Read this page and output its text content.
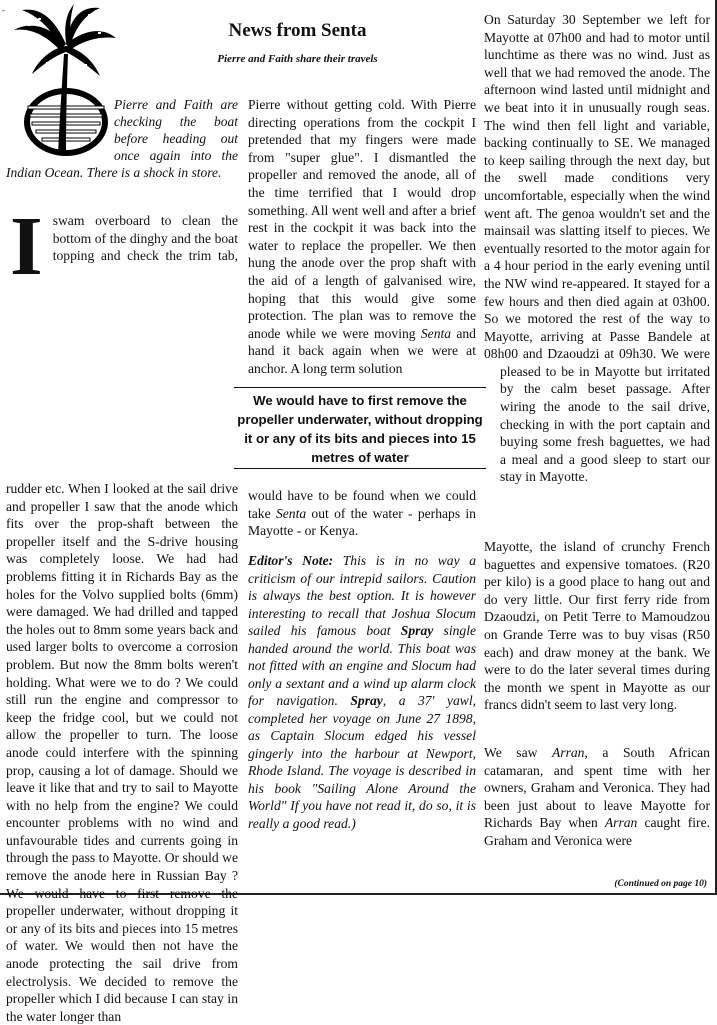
-
News from Senta
Pierre and Faith share their travels
Pierre and Faith are checking the boat before heading out once again into the Indian Ocean. There is a shock in store.
I swam overboard to clean the bottom of the dinghy and the boat topping and check the trim tab, rudder etc. When I looked at the sail drive and propeller I saw that the anode which fits over the prop-shaft between the propeller itself and the S-drive housing was completely loose. We had had problems fitting it in Richards Bay as the holes for the Volvo supplied bolts (6mm) were damaged. We had drilled and tapped the holes out to 8mm some years back and used larger bolts to overcome a corrosion problem. But now the 8mm bolts weren't holding. What were we to do ? We could still run the engine and compressor to keep the fridge cool, but we could not allow the propeller to turn. The loose anode could interfere with the spinning prop, causing a lot of damage. Should we leave it like that and try to sail to Mayotte with no help from the engine? We could encounter problems with no wind and unfavourable tides and currents going in through the pass to Mayotte. Or should we remove the anode here in Russian Bay ? We would have to first remove the propeller underwater, without dropping it or any of its bits and pieces into 15 metres of water. We would then not have the anode protecting the sail drive from electrolysis. We decided to remove the propeller which I did because I can stay in the water longer than
Pierre without getting cold. With Pierre directing operations from the cockpit I pretended that my fingers were made from "super glue". I dismantled the propeller and removed the anode, all of the time terrified that I would drop something. All went well and after a brief rest in the cockpit it was back into the water to replace the propeller. We then hung the anode over the prop shaft with the aid of a length of galvanised wire, hoping that this would give some protection. The plan was to remove the anode while we were moving Senta and hand it back again when we were at anchor. A long term solution
We would have to first remove the propeller underwater, without dropping it or any of its bits and pieces into 15 metres of water
would have to be found when we could take Senta out of the water - perhaps in Mayotte - or Kenya.
Editor's Note: This is in no way a criticism of our intrepid sailors. Caution is always the best option. It is however interesting to recall that Joshua Slocum sailed his famous boat Spray single handed around the world. This boat was not fitted with an engine and Slocum had only a sextant and a wind up alarm clock for navigation. Spray, a 37' yawl, completed her voyage on June 27 1898, as Captain Slocum edged his vessel gingerly into the harbour at Newport, Rhode Island. The voyage is described in his book "Sailing Alone Around the World" If you have not read it, do so, it is really a good read.)
On Saturday 30 September we left for Mayotte at 07h00 and had to motor until lunchtime as there was no wind. Just as well that we had removed the anode. The afternoon wind lasted until midnight and we beat into it in unusually rough seas. The wind then fell light and variable, backing continually to SE. We managed to keep sailing through the next day, but the swell made conditions very uncomfortable, especially when the wind went aft. The genoa wouldn't set and the mainsail was slatting itself to pieces. We eventually resorted to the motor again for a 4 hour period in the early evening until the NW wind re-appeared. It stayed for a few hours and then died again at 03h00. So we motored the rest of the way to Mayotte, arriving at Passe Bandele at 08h00 and Dzaoudzi at 09h30. We were pleased to be in Mayotte but irritated by the calm beset passage. After wiring the anode to the sail drive, checking in with the port captain and buying some fresh baguettes, we had a meal and a good sleep to start our stay in Mayotte.

Mayotte, the island of crunchy French baguettes and expensive tomatoes. (R20 per kilo) is a good place to hang out and do very little. Our first ferry ride from Dzaoudzi, on Petit Terre to Mamoudzou on Grande Terre was to buy visas (R50 each) and draw money at the bank. We were to do the later several times during the month we spent in Mayotte as our francs didn't seem to last very long.

We saw Arran, a South African catamaran, and spent time with her owners, Graham and Veronica. They had been just about to leave Mayotte for Richards Bay when Arran caught fire. Graham and Veronica were
(Continued on page 10)
